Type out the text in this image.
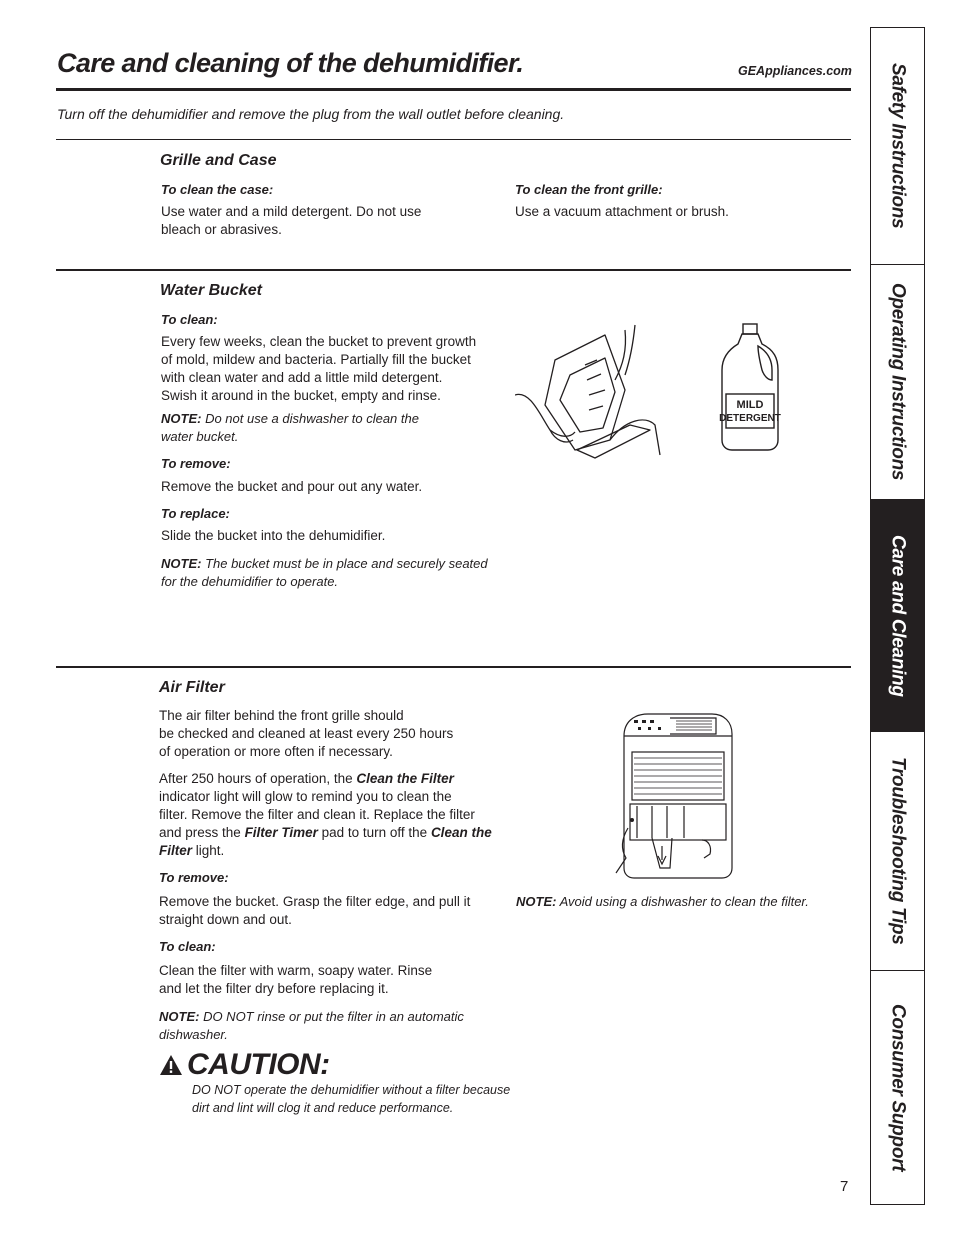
Care and cleaning of the dehumidifier.	GEAppliances.com
Turn off the dehumidifier and remove the plug from the wall outlet before cleaning.
Grille and Case
To clean the case:
Use water and a mild detergent. Do not use
bleach or abrasives.
To clean the front grille:
Use a vacuum attachment or brush.
Water Bucket
To clean:
Every few weeks, clean the bucket to prevent growth
of mold, mildew and bacteria. Partially fill the bucket
with clean water and add a little mild detergent.
Swish it around in the bucket, empty and rinse.
NOTE: Do not use a dishwasher to clean the
water bucket.
To remove:
Remove the bucket and pour out any water.
To replace:
Slide the bucket into the dehumidifier.
NOTE: The bucket must be in place and securely seated
for the dehumidifier to operate.
MILD
DETERGENT
Air Filter
The air filter behind the front grille should
be checked and cleaned at least every 250 hours
of operation or more often if necessary.
After 250 hours of operation, the Clean the Filter
indicator light will glow to remind you to clean the
filter. Remove the filter and clean it. Replace the filter
and press the Filter Timer pad to turn off the Clean the
Filter light.
To remove:
Remove the bucket. Grasp the filter edge, and pull it
straight down and out.
To clean:
Clean the filter with warm, soapy water. Rinse
and let the filter dry before replacing it.
NOTE: DO NOT rinse or put the filter in an automatic
dishwasher.
NOTE: Avoid using a dishwasher to clean the filter.
CAUTION:
DO NOT operate the dehumidifier without a filter because
dirt and lint will clog it and reduce performance.
7
Safety Instructions
Operating Instructions
Care and Cleaning
Troubleshooting Tips
Consumer Support
